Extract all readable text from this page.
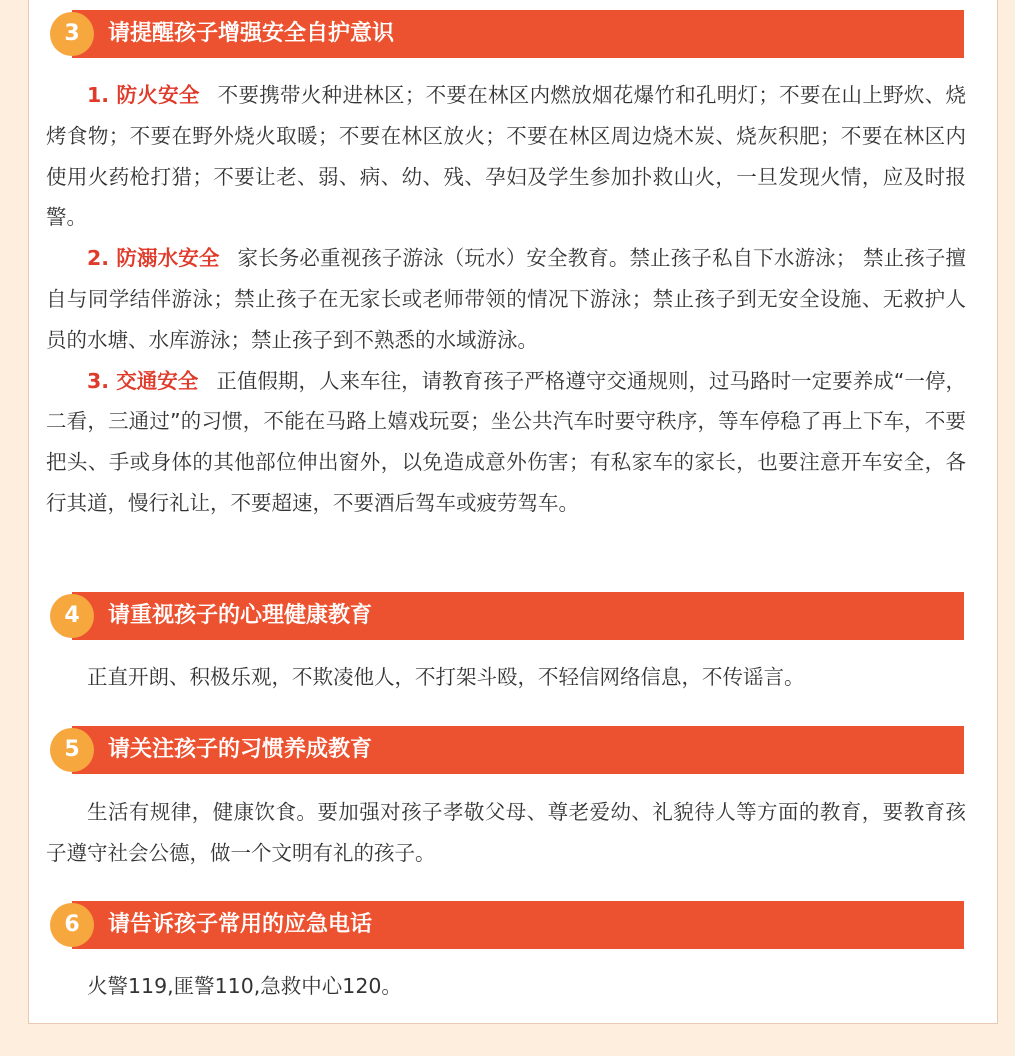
3	请提醒孩子增强安全自护意识

1. 防火安全 不要携带火种进林区；不要在林区内燃放烟花爆竹和孔明灯；不要在山上野炊、烧烤食物；不要在野外烧火取暖；不要在林区放火；不要在林区周边烧木炭、烧灰积肥；不要在林区内使用火药枪打猎；不要让老、弱、病、幼、残、孕妇及学生参加扑救山火，一旦发现火情，应及时报警。

2. 防溺水安全 家长务必重视孩子游泳（玩水）安全教育。禁止孩子私自下水游泳； 禁止孩子擅自与同学结伴游泳；禁止孩子在无家长或老师带领的情况下游泳；禁止孩子到无安全设施、无救护人员的水塘、水库游泳；禁止孩子到不熟悉的水域游泳。

3. 交通安全 正值假期，人来车往，请教育孩子严格遵守交通规则，过马路时一定要养成“一停，二看，三通过”的习惯，不能在马路上嬉戏玩耍；坐公共汽车时要守秩序，等车停稳了再上下车，不要把头、手或身体的其他部位伸出窗外，以免造成意外伤害；有私家车的家长，也要注意开车安全，各行其道，慢行礼让，不要超速，不要酒后驾车或疲劳驾车。

4	请重视孩子的心理健康教育

正直开朗、积极乐观，不欺凌他人，不打架斗殴，不轻信网络信息，不传谣言。

5	请关注孩子的习惯养成教育

生活有规律，健康饮食。要加强对孩子孝敬父母、尊老爱幼、礼貌待人等方面的教育，要教育孩子遵守社会公德，做一个文明有礼的孩子。

6	请告诉孩子常用的应急电话

火警119,匪警110,急救中心120。
